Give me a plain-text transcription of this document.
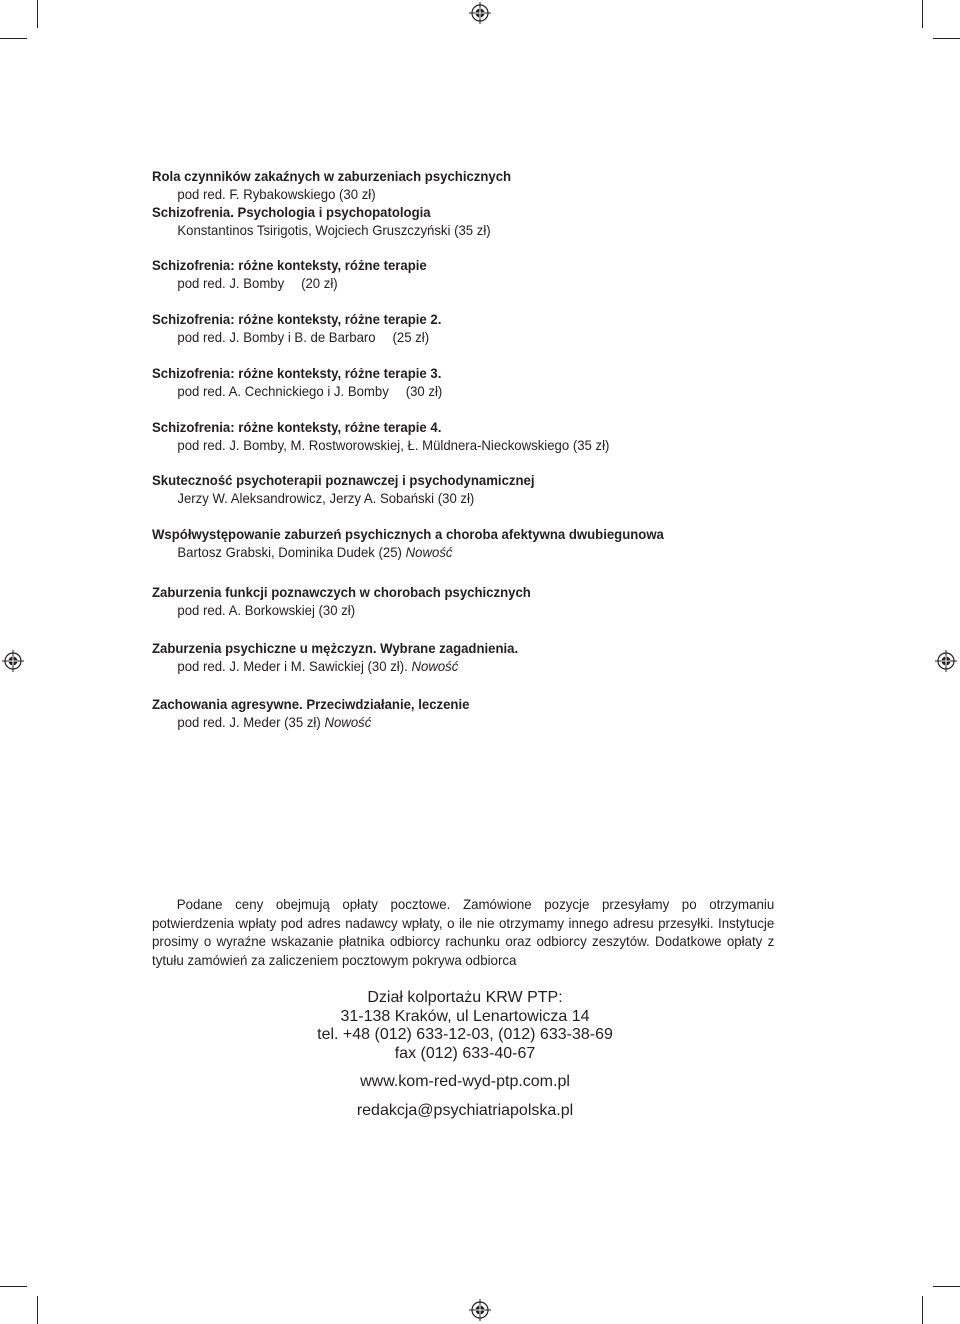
Rola czynników zakaźnych w zaburzeniach psychicznych
pod red. F. Rybakowskiego (30 zł)
Schizofrenia. Psychologia i psychopatologia
Konstantinos Tsirigotis, Wojciech Gruszczyński (35 zł)
Schizofrenia: różne konteksty, różne terapie
pod red. J. Bomby (20 zł)
Schizofrenia: różne konteksty, różne terapie 2.
pod red. J. Bomby i B. de Barbaro (25 zł)
Schizofrenia: różne konteksty, różne terapie 3.
pod red. A. Cechnickiego i J. Bomby (30 zł)
Schizofrenia: różne konteksty, różne terapie 4.
pod red. J. Bomby, M. Rostworowskiej, Ł. Müldnera-Nieckowskiego (35 zł)
Skuteczność psychoterapii poznawczej i psychodynamicznej
Jerzy W. Aleksandrowicz, Jerzy A. Sobański (30 zł)
Współwystępowanie zaburzeń psychicznych a choroba afektywna dwubiegunowa
Bartosz Grabski, Dominika Dudek (25) Nowość
Zaburzenia funkcji poznawczych w chorobach psychicznych
pod red. A. Borkowskiej (30 zł)
Zaburzenia psychiczne u mężczyzn. Wybrane zagadnienia.
pod red. J. Meder i M. Sawickiej (30 zł). Nowość
Zachowania agresywne. Przeciwdziałanie, leczenie
pod red. J. Meder (35 zł) Nowość
Podane ceny obejmują opłaty pocztowe. Zamówione pozycje przesyłamy po otrzymaniu potwierdzenia wpłaty pod adres nadawcy wpłaty, o ile nie otrzymamy innego adresu przesyłki. Instytucje prosimy o wyraźne wskazanie płatnika odbiorcy rachunku oraz odbiorcy zeszytów. Dodatkowe opłaty z tytułu zamówień za zaliczeniem pocztowym pokrywa odbiorca
Dział kolportażu KRW PTP:
31-138 Kraków, ul Lenartowicza 14
tel. +48 (012) 633-12-03, (012) 633-38-69
fax (012) 633-40-67
www.kom-red-wyd-ptp.com.pl
redakcja@psychiatriapolska.pl
